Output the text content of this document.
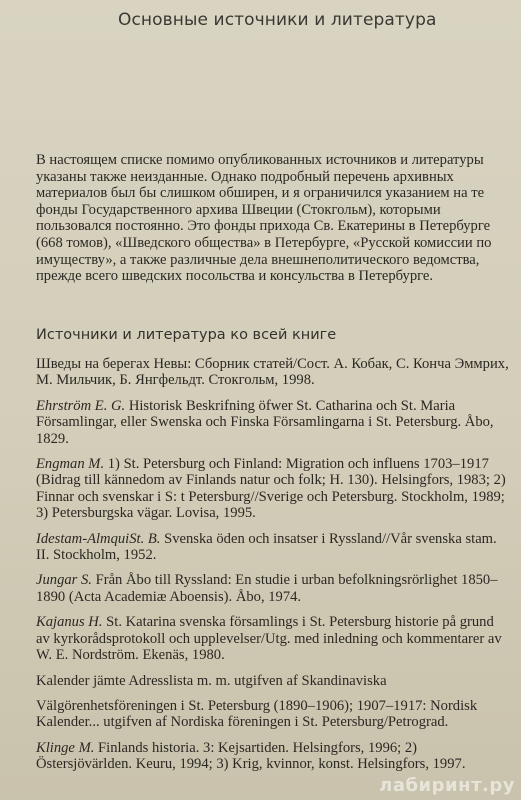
Основные источники и литература

В настоящем списке помимо опубликованных источников и литературы указаны также неизданные. Однако подробный перечень архивных материалов был бы слишком обширен, и я ограничился указанием на те фонды Государственного архива Швеции (Стокгольм), которыми пользовался постоянно. Это фонды прихода Св. Екатерины в Петербурге (668 томов), «Шведского общества» в Петербурге, «Русской комиссии по имуществу», а также различные дела внешнеполитического ведомства, прежде всего шведских посольства и консульства в Петербурге.

Источники и литература ко всей книге

Шведы на берегах Невы: Сборник статей/Сост. А. Кобак, С. Конча Эммрих, М. Мильчик, Б. Янгфельдт. Стокгольм, 1998.

Ehrström E. G. Historisk Beskrifning öfwer St. Catharina och St. Maria Församlingar, eller Swenska och Finska Församlingarna i St. Petersburg. Åbo, 1829.

Engman M. 1) St. Petersburg och Finland: Migration och influens 1703–1917 (Bidrag till kännedom av Finlands natur och folk; H. 130). Helsingfors, 1983; 2) Finnar och svenskar i S: t Petersburg//Sverige och Petersburg. Stockholm, 1989; 3) Petersburgska vägar. Lovisa, 1995.

Idestam-AlmquiSt. B. Svenska öden och insatser i Ryssland//Vår svenska stam. II. Stockholm, 1952.

Jungar S. Från Åbo till Ryssland: En studie i urban befolkningsrörlighet 1850–1890 (Acta Academiæ Aboensis). Åbo, 1974.

Kajanus H. St. Katarina svenska församlings i St. Petersburg historie på grund av kyrkorådsprotokoll och upplevelser/Utg. med inledning och kommentarer av W. E. Nordström. Ekenäs, 1980.

Kalender jämte Adresslista m. m. utgifven af Skandinaviska

Välgörenhetsföreningen i St. Petersburg (1890–1906); 1907–1917: Nordisk Kalender... utgifven af Nordiska föreningen i St. Petersburg/Petrograd.

Klinge M. Finlands historia. 3: Kejsartiden. Helsingfors, 1996; 2) Östersjövärlden. Keuru, 1994; 3) Krig, kvinnor, konst. Helsingfors, 1997.

лабиринт.ру
